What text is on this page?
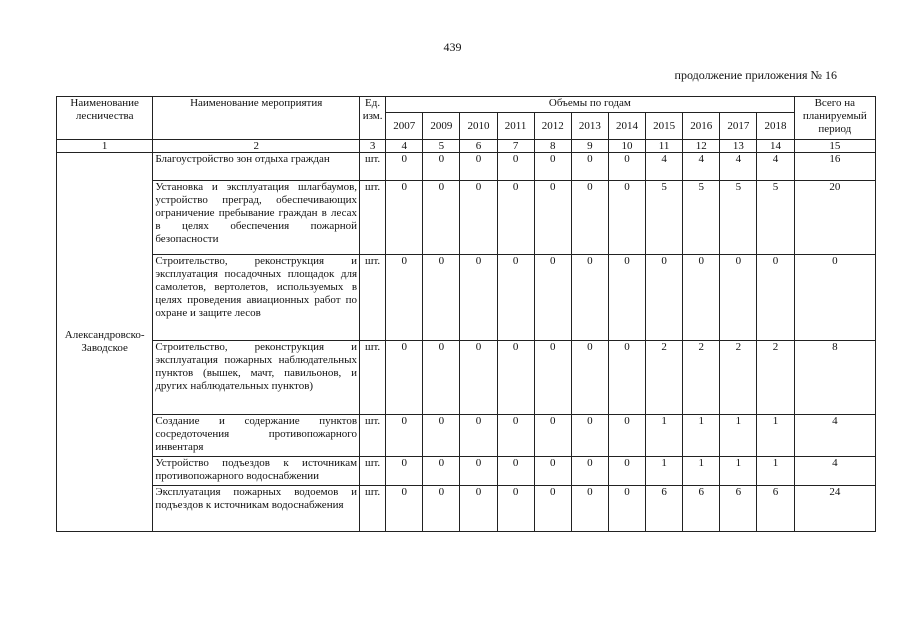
439
продолжение приложения № 16
Наименование лесничества	Наименование мероприятия	Ед. изм.	Объемы по годам											Всего на планируемый период
			2007	2009	2010	2011	2012	2013	2014	2015	2016	2017	2018	
1	2	3	4	5	6	7	8	9	10	11	12	13	14	15
Александровско-Заводское	Благоустройство зон отдыха граждан	шт.	0	0	0	0	0	0	0	4	4	4	4	16
	Установка и эксплуатация шлагбаумов, устройство преград, обеспечивающих ограничение пребывание граждан в лесах в целях обеспечения пожарной безопасности	шт.	0	0	0	0	0	0	0	5	5	5	5	20
	Строительство, реконструкция и эксплуатация посадочных площадок для самолетов, вертолетов, используемых в целях проведения авиационных работ по охране и защите лесов	шт.	0	0	0	0	0	0	0	0	0	0	0	0
	Строительство, реконструкция и эксплуатация пожарных наблюдательных пунктов (вышек, мачт, павильонов, и других наблюдательных пунктов)	шт.	0	0	0	0	0	0	0	2	2	2	2	8
	Создание и содержание пунктов сосредоточения противопожарного инвентаря	шт.	0	0	0	0	0	0	0	1	1	1	1	4
	Устройство подъездов к источникам противопожарного водоснабжении	шт.	0	0	0	0	0	0	0	1	1	1	1	4
	Эксплуатация пожарных водоемов и подъездов к источникам водоснабжения	шт.	0	0	0	0	0	0	0	6	6	6	6	24
